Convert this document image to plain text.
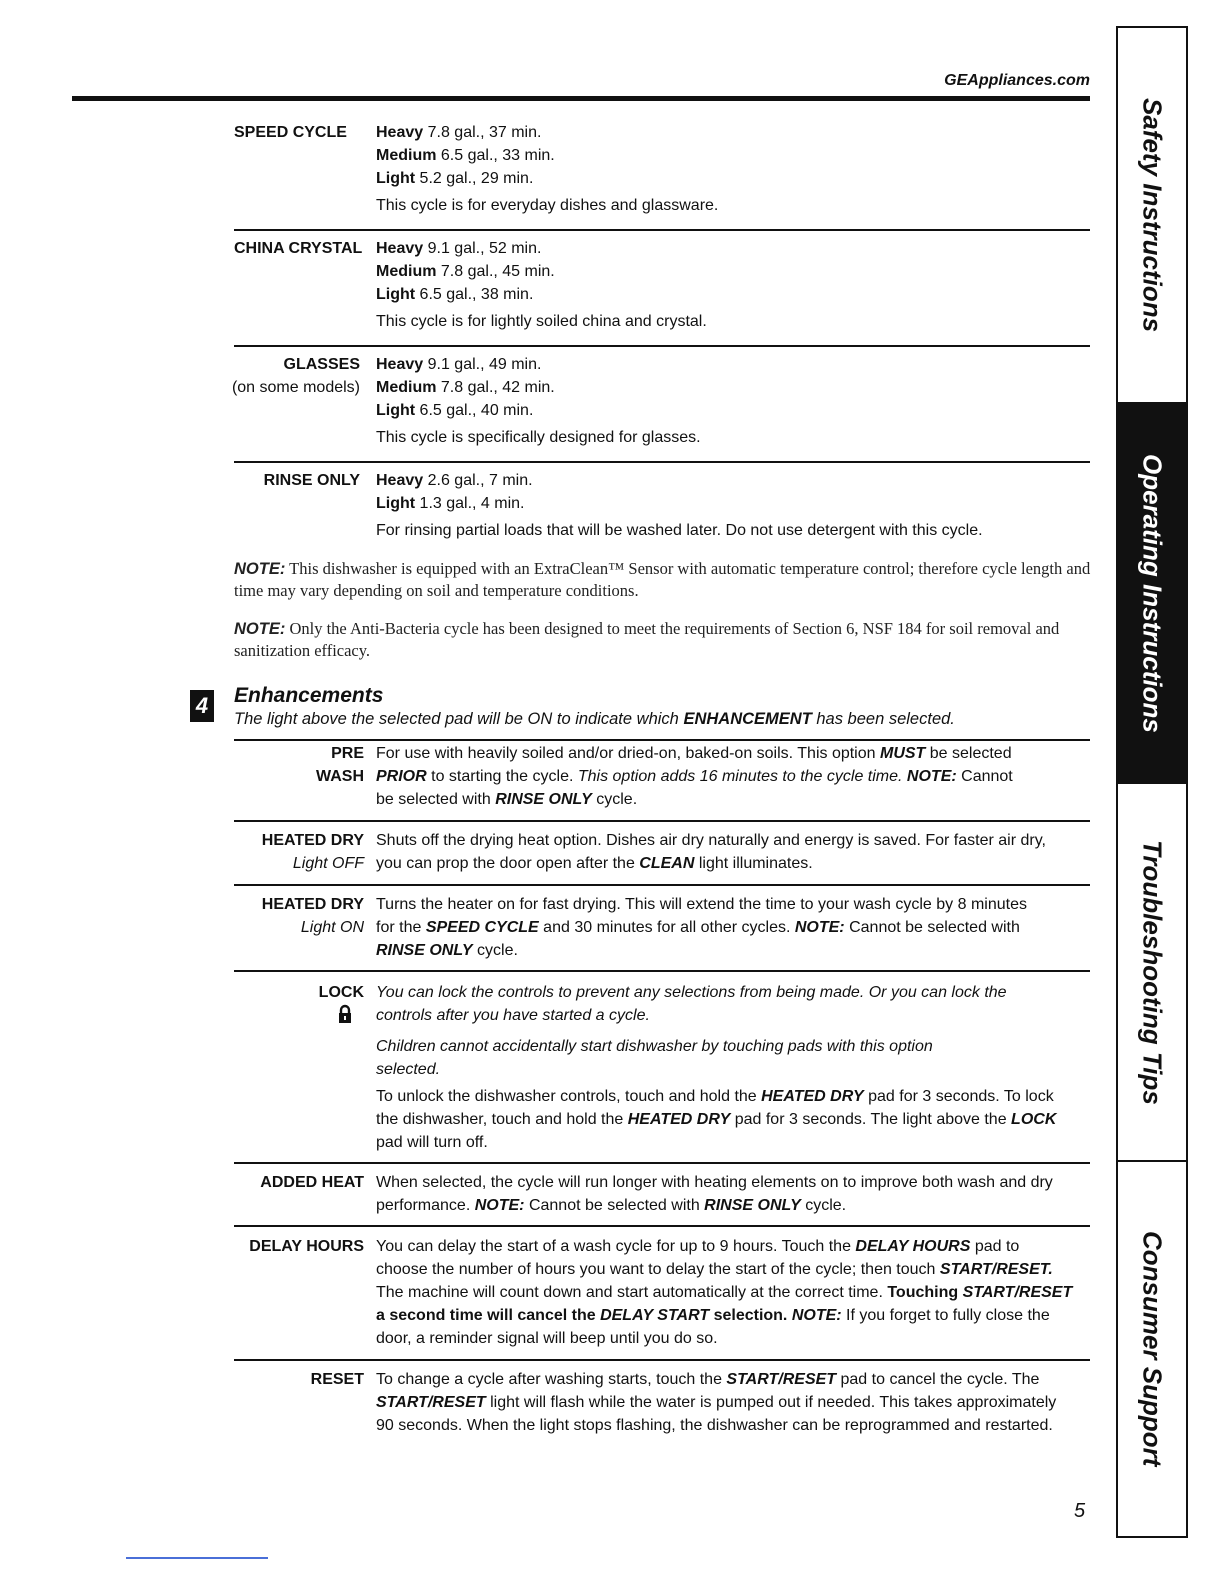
GEAppliances.com
SPEED CYCLE	Heavy 7.8 gal., 37 min.
Medium 6.5 gal., 33 min.
Light 5.2 gal., 29 min.
This cycle is for everyday dishes and glassware.
CHINA CRYSTAL Heavy 9.1 gal., 52 min.
Medium 7.8 gal., 45 min.
Light 6.5 gal., 38 min.
This cycle is for lightly soiled china and crystal.
GLASSES
(on some models)
Heavy 9.1 gal., 49 min.
Medium 7.8 gal., 42 min.
Light 6.5 gal., 40 min.
This cycle is specifically designed for glasses.
RINSE ONLY Heavy 2.6 gal., 7 min.
Light 1.3 gal., 4 min.
For rinsing partial loads that will be washed later. Do not use detergent with this cycle.
NOTE: This dishwasher is equipped with an ExtraClean™ Sensor with automatic temperature control; therefore cycle length and time may vary depending on soil and temperature conditions.
NOTE: Only the Anti-Bacteria cycle has been designed to meet the requirements of Section 6, NSF 184 for soil removal and sanitization efficacy.
4 Enhancements
The light above the selected pad will be ON to indicate which ENHANCEMENT has been selected.
PRE
WASH
For use with heavily soiled and/or dried-on, baked-on soils. This option MUST be selected
PRIOR to starting the cycle. This option adds 16 minutes to the cycle time. NOTE: Cannot
be selected with RINSE ONLY cycle.
HEATED DRY
Light OFF
Shuts off the drying heat option. Dishes air dry naturally and energy is saved. For faster air dry,
you can prop the door open after the CLEAN light illuminates.
HEATED DRY
Light ON
Turns the heater on for fast drying. This will extend the time to your wash cycle by 8 minutes
for the SPEED CYCLE and 30 minutes for all other cycles. NOTE: Cannot be selected with
RINSE ONLY cycle.
LOCK You can lock the controls to prevent any selections from being made. Or you can lock the
controls after you have started a cycle.
Children cannot accidentally start dishwasher by touching pads with this option
selected.
To unlock the dishwasher controls, touch and hold the HEATED DRY pad for 3 seconds. To lock
the dishwasher, touch and hold the HEATED DRY pad for 3 seconds. The light above the LOCK
pad will turn off.
ADDED HEAT When selected, the cycle will run longer with heating elements on to improve both wash and dry
performance. NOTE: Cannot be selected with RINSE ONLY cycle.
DELAY HOURS You can delay the start of a wash cycle for up to 9 hours. Touch the DELAY HOURS pad to
choose the number of hours you want to delay the start of the cycle; then touch START/RESET.
The machine will count down and start automatically at the correct time. Touching START/RESET
a second time will cancel the DELAY START selection. NOTE: If you forget to fully close the
door, a reminder signal will beep until you do so.
RESET To change a cycle after washing starts, touch the START/RESET pad to cancel the cycle. The
START/RESET light will flash while the water is pumped out if needed. This takes approximately
90 seconds. When the light stops flashing, the dishwasher can be reprogrammed and restarted.
Safety Instructions
Operating Instructions
Troubleshooting Tips
Consumer Support
5
